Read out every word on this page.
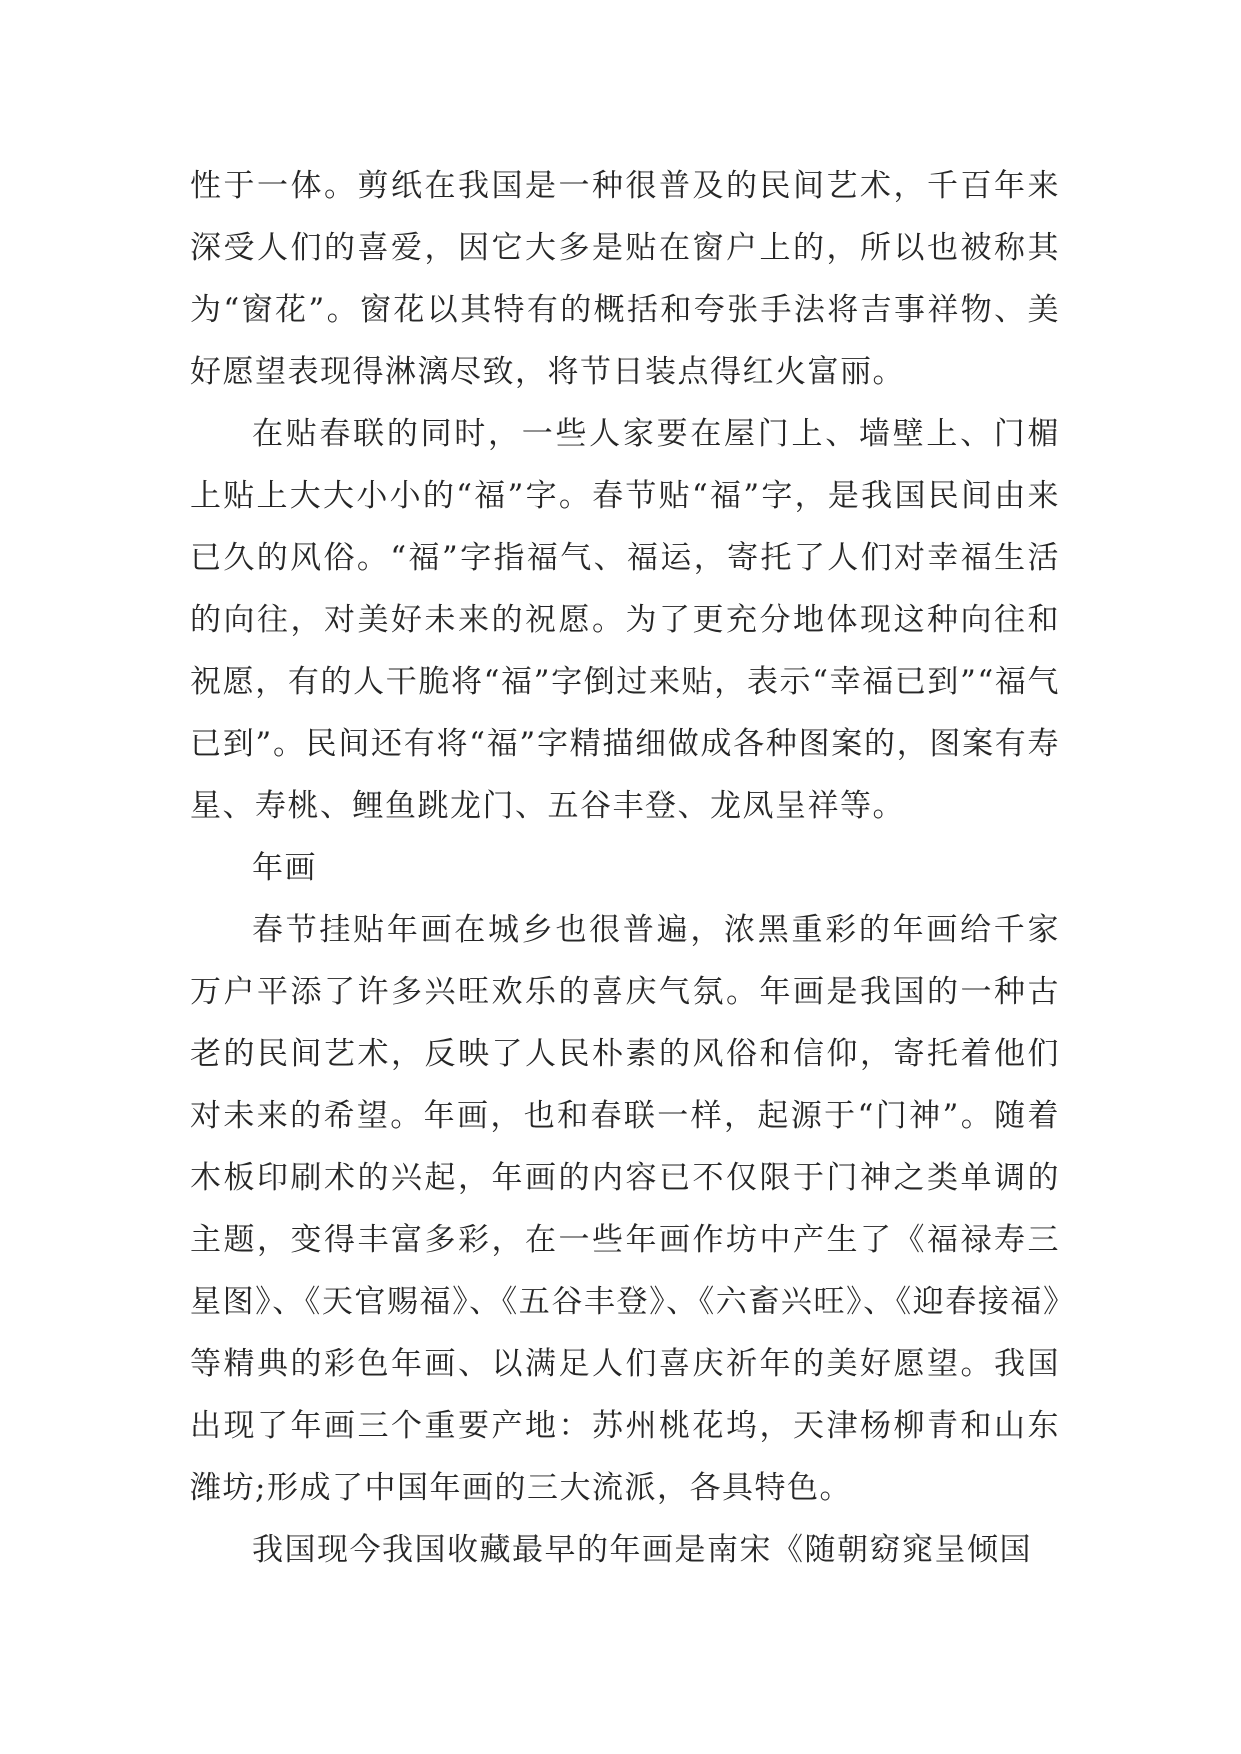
性于一体。剪纸在我国是一种很普及的民间艺术，千百年来深受人们的喜爱，因它大多是贴在窗户上的，所以也被称其为“窗花”。窗花以其特有的概括和夸张手法将吉事祥物、美好愿望表现得淋漓尽致，将节日装点得红火富丽。

在贴春联的同时，一些人家要在屋门上、墙壁上、门楣上贴上大大小小的“福”字。春节贴“福”字，是我国民间由来已久的风俗。“福”字指福气、福运，寄托了人们对幸福生活的向往，对美好未来的祝愿。为了更充分地体现这种向往和祝愿，有的人干脆将“福”字倒过来贴，表示“幸福已到”“福气已到”。民间还有将“福”字精描细做成各种图案的，图案有寿星、寿桃、鲤鱼跳龙门、五谷丰登、龙凤呈祥等。

年画

春节挂贴年画在城乡也很普遍，浓黑重彩的年画给千家万户平添了许多兴旺欢乐的喜庆气氛。年画是我国的一种古老的民间艺术，反映了人民朴素的风俗和信仰，寄托着他们对未来的希望。年画，也和春联一样，起源于“门神”。随着木板印刷术的兴起，年画的内容已不仅限于门神之类单调的主题，变得丰富多彩，在一些年画作坊中产生了《福禄寿三星图》、《天官赐福》、《五谷丰登》、《六畜兴旺》、《迎春接福》等精典的彩色年画、以满足人们喜庆祈年的美好愿望。我国出现了年画三个重要产地：苏州桃花坞，天津杨柳青和山东潍坊;形成了中国年画的三大流派，各具特色。

我国现今我国收藏最早的年画是南宋《随朝窈窕呈倾国
